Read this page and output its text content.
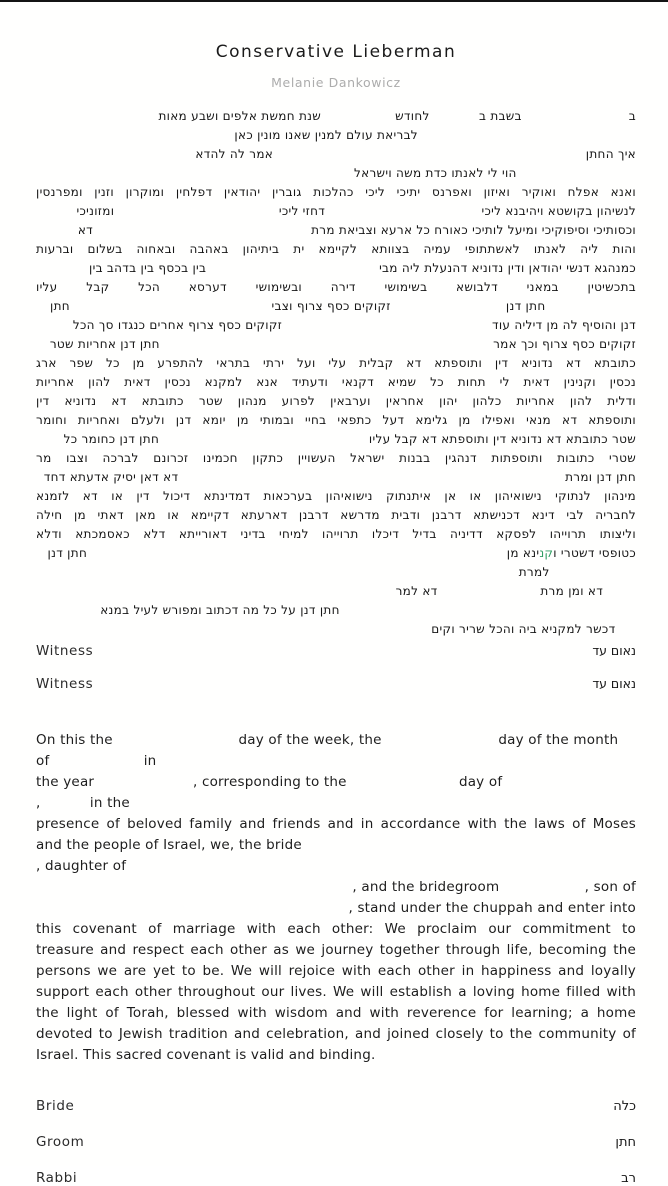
Conservative Lieberman
Melanie Dankowicz
ב                          בשבת ב            לחודש                  שנת חמשת אלפים ושבע מאות
לבריאת עולם למנין שאנו מונין כאן
איך החתן                                                                            אמר לה להדא
הוי לי לאנתו כדת משה וישראל
ואנא אפלח ואוקיר ואיזון ואפרנס יתיכי ליכי כהלכות גוברין יהודאין דפלחין ומוקרון וזנין ומפרנסין
לנשיהון בקושטא ויהיבנא ליכי                                      דחזי ליכי                                        ומזוניכי
וכסותיכי וסיפוקיכי ומיעל לותיכי כאורח כל ארעא וצביאת מרת                                                     דא
והות ליה לאנתו לאשתתופי עמיה בצוותא לקיימא ית ביתיהון באהבה ובאחוה בשלום וברעות
כמנהגא דנשי יהודאן ודין נדוניא דהנעלת ליה מבי                                          בין בכסף בין בדהב בין
בתכשיטין במאני דלבושא בשימושי דירה ובשימושי דערסא הכל קבל עליו
חתן דנן                            זקוקים כסף צרוף וצבי                                                 חתן
דנן והוסיף לה מן דיליה עוד                                                   זקוקים כסף צרוף אחרים כנגדו סך הכל
זקוקים כסף צרוף וכך אמר                                                                                 חתן דנן אחריות שטר
כתובתא דא נדוניא דין ותוספתא דא קבלית עלי ועל ירתי בתראי להתפרע מן כל שפר ארג
נכסין וקנינין דאית לי תחות כל שמיא דקנאי ודעתיד אנא למקנא נכסין דאית להון אחריות
ודלית להון אחריות כלהון יהון אחראין וערבאין לפרוע מנהון שטר כתובתא דא נדוניא דין
ותוספתא דא מנאי ואפילו מן גלימא דעל כתפאי בחיי ובמותי מן יומא דנן ולעלם ואחריות וחומר
שטר כתובתא דא נדוניא דין ותוספתא דא קבל עליו                                                   חתן דנן כחומר כל
שטרי כתובות ותוספתות דנהגין בבנות ישראל העשויין כתקון חכמינו זכרונם לברכה וצבו מר
חתן דנן ומרת                                                                                              דא דאן יסיק אדעתא דחד
מינהון לנתוקי נישואיהון או אן איתנתוק נישואיהון בערכאות דמדינתא דיכול דין או דא לזמנא
לחבריה לבי דינא דכנישתא דרבנן ודבית מדרשא דרבנן דארעתא דקיימא או מאן דאתי מן חילה
וליצותו תרוייהו לפסקא דדיניה בדיל דיכלו תרוייהו למיחי בדיני דאורייתא דלא כאסמכתא ודלא
כטופסי דשטרי וקנינא מן                                                                                                      חתן דנן
למרת
דא ומן מרת                         דא למר
חתן דנן על כל מה דכתוב ומפורש לעיל במנא
דכשר למקניא ביה והכל שריר וקים
Witness	נאום עד
Witness	נאום עד
On this the                            day of the week, the                          day of the month of                     in
the year                      , corresponding to the                         day of                                ,           in the
presence of beloved family and friends and in accordance with the laws of Moses
and the people of Israel, we, the bride                                                                          , daughter of
, and the bridegroom                   , son of
, stand under the chuppah and enter into
this covenant of marriage with each other: We proclaim our commitment to
treasure and respect each other as we journey together through life, becoming the
persons we are yet to be. We will rejoice with each other in happiness and loyally
support each other throughout our lives. We will establish a loving home filled with
the light of Torah, blessed with wisdom and with reverence for learning; a home
devoted to Jewish tradition and celebration, and joined closely to the community of
Israel. This sacred covenant is valid and binding.
Bride	כלה
Groom	חתן
Rabbi	רב
